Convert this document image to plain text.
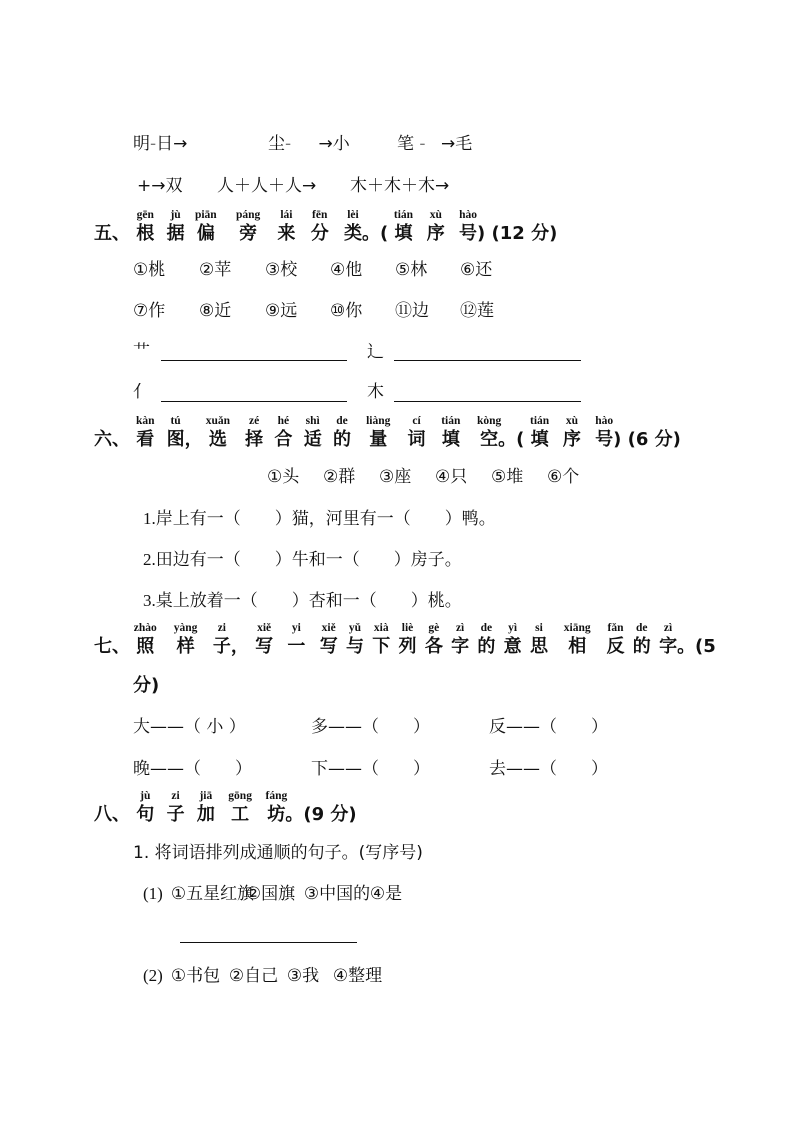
明-日→	尘- →小	笔 - →毛
+→双 人＋人＋人→ 木＋木＋木→
五、
gēn
根
jù
据
piān
偏
páng
旁
lái
来
fēn
分
lèi
类。(
tián
填
xù
序
hào
号) (12 分)
①桃 ②苹 ③校 ④他 ⑤林 ⑥还
⑦作 ⑧近 ⑨远 ⑩你 ⑪边 ⑫莲
艹	辶
亻	木
六、
kàn
看
tú
图，
xuǎn
选
zé
择
hé
合
shì
适
de
的
liàng
量
cí
词
tián
填
kòng
空。(
tián
填
xù
序
hào
号) (6 分)
①头 ②群 ③座 ④只 ⑤堆 ⑥个
1.岸上有一（　　）猫，河里有一（　　）鸭。
2.田边有一（　　）牛和一（　　）房子。
3.桌上放着一（　　）杏和一（　　）桃。
七、
zhào
照
yàng
样
zi
子，
xiě
写
yi
一
xiě
写
yǔ
与
xià
下
liè
列
gè
各
zì
字
de
的
yì
意
si
思
xiāng
相
fǎn
反
de
的
zì
字。(5
分)
大——（ 小 ）	多——（　　）	反——（　　）
晚——（　　）	下——（　　）	去——（　　）
八、
jù
句
zi
子
jiā
加
gōng
工
fáng
坊。(9 分)
1. 将词语排列成通顺的句子。(写序号)
(1) ①五星红旗②国旗 ③中国的④是
(2) ①书包 ②自己 ③我 ④整理
